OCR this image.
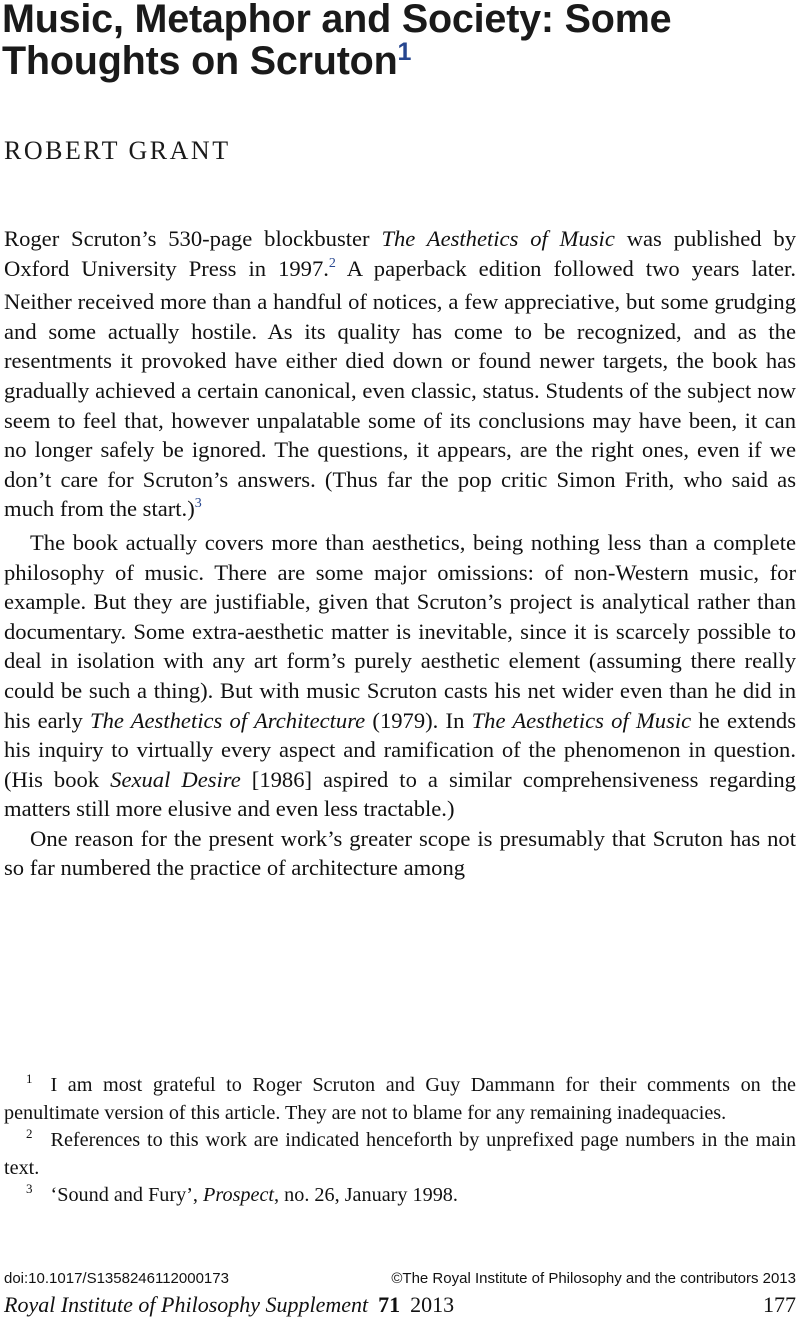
Music, Metaphor and Society: Some Thoughts on Scruton$^1$
ROBERT GRANT

Roger Scruton’s 530-page blockbuster The Aesthetics of Music was published by Oxford University Press in 1997.$^2$ A paperback edition followed two years later. Neither received more than a handful of notices, a few appreciative, but some grudging and some actually hostile. As its quality has come to be recognized, and as the resentments it provoked have either died down or found newer targets, the book has gradually achieved a certain canonical, even classic, status. Students of the subject now seem to feel that, however unpalatable some of its conclusions may have been, it can no longer safely be ignored. The questions, it appears, are the right ones, even if we don’t care for Scruton’s answers. (Thus far the pop critic Simon Frith, who said as much from the start.)$^3$

The book actually covers more than aesthetics, being nothing less than a complete philosophy of music. There are some major omissions: of non-Western music, for example. But they are justifiable, given that Scruton’s project is analytical rather than documentary. Some extra-aesthetic matter is inevitable, since it is scarcely possible to deal in isolation with any art form’s purely aesthetic element (assuming there really could be such a thing). But with music Scruton casts his net wider even than he did in his early The Aesthetics of Architecture (1979). In The Aesthetics of Music he extends his inquiry to virtually every aspect and ramification of the phenomenon in question. (His book Sexual Desire [1986] aspired to a similar comprehensiveness regarding matters still more elusive and even less tractable.)

One reason for the present work’s greater scope is presumably that Scruton has not so far numbered the practice of architecture among

$^1$ I am most grateful to Roger Scruton and Guy Dammann for their comments on the penultimate version of this article. They are not to blame for any remaining inadequacies.

$^2$ References to this work are indicated henceforth by unprefixed page numbers in the main text.

$^3$ ‘Sound and Fury’, Prospect, no. 26, January 1998.

doi:10.1017/S1358246112000173	©The Royal Institute of Philosophy and the contributors 2013
Royal Institute of Philosophy Supplement 71 2013	177
